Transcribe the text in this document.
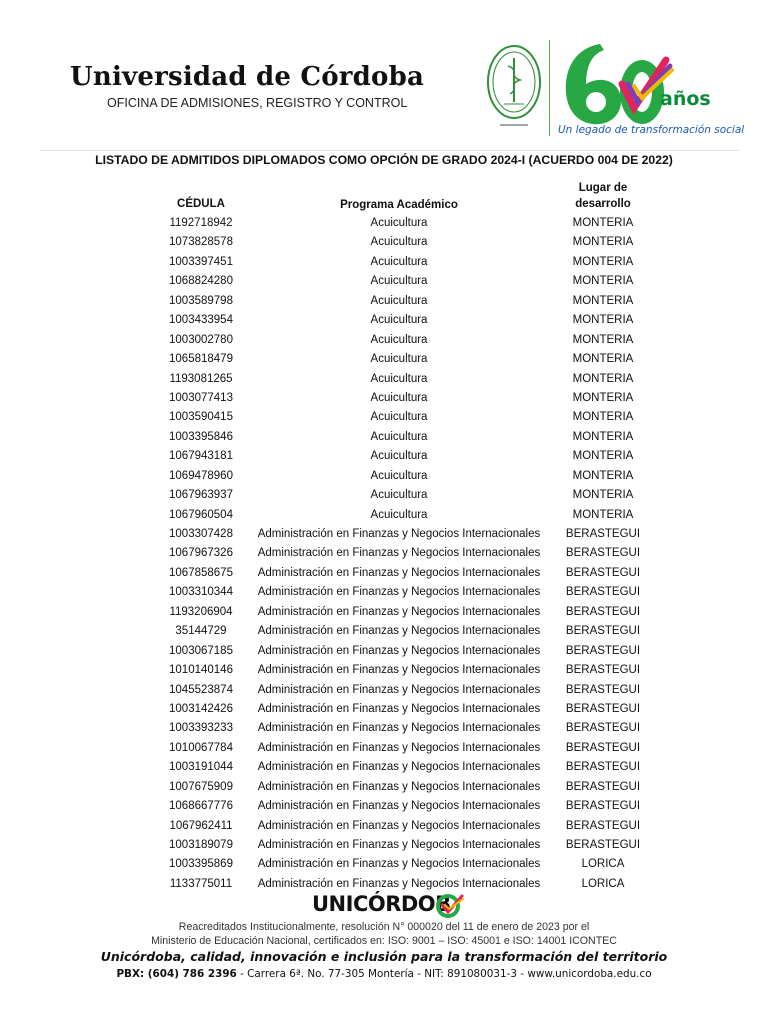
Universidad de Córdoba
OFICINA DE ADMISIONES, REGISTRO Y CONTROL	años
Un legado de transformación social
LISTADO DE ADMITIDOS DIPLOMADOS COMO OPCIÓN DE GRADO 2024-I (ACUERDO 004 DE 2022)
CÉDULA	Programa Académico
Lugar de
desarrollo
1192718942	Acuicultura	MONTERIA
1073828578	Acuicultura	MONTERIA
1003397451	Acuicultura	MONTERIA
1068824280	Acuicultura	MONTERIA
1003589798	Acuicultura	MONTERIA
1003433954	Acuicultura	MONTERIA
1003002780	Acuicultura	MONTERIA
1065818479	Acuicultura	MONTERIA
1193081265	Acuicultura	MONTERIA
1003077413	Acuicultura	MONTERIA
1003590415	Acuicultura	MONTERIA
1003395846	Acuicultura	MONTERIA
1067943181	Acuicultura	MONTERIA
1069478960	Acuicultura	MONTERIA
1067963937	Acuicultura	MONTERIA
1067960504	Acuicultura	MONTERIA
1003307428	Administración en Finanzas y Negocios Internacionales	BERASTEGUI
1067967326	Administración en Finanzas y Negocios Internacionales	BERASTEGUI
1067858675	Administración en Finanzas y Negocios Internacionales	BERASTEGUI
1003310344	Administración en Finanzas y Negocios Internacionales	BERASTEGUI
1193206904	Administración en Finanzas y Negocios Internacionales	BERASTEGUI
35144729	Administración en Finanzas y Negocios Internacionales	BERASTEGUI
1003067185	Administración en Finanzas y Negocios Internacionales	BERASTEGUI
1010140146	Administración en Finanzas y Negocios Internacionales	BERASTEGUI
1045523874	Administración en Finanzas y Negocios Internacionales	BERASTEGUI
1003142426	Administración en Finanzas y Negocios Internacionales	BERASTEGUI
1003393233	Administración en Finanzas y Negocios Internacionales	BERASTEGUI
1010067784	Administración en Finanzas y Negocios Internacionales	BERASTEGUI
1003191044	Administración en Finanzas y Negocios Internacionales	BERASTEGUI
1007675909	Administración en Finanzas y Negocios Internacionales	BERASTEGUI
1068667776	Administración en Finanzas y Negocios Internacionales	BERASTEGUI
1067962411	Administración en Finanzas y Negocios Internacionales	BERASTEGUI
1003189079	Administración en Finanzas y Negocios Internacionales	BERASTEGUI
1003395869	Administración en Finanzas y Negocios Internacionales	LORICA
1133775011	Administración en Finanzas y Negocios Internacionales	LORICA
UNICÓRDOB
Reacreditados Institucionalmente, resolución N° 000020 del 11 de enero de 2023 por el
Ministerio de Educación Nacional, certificados en: ISO: 9001 – ISO: 45001 e ISO: 14001 ICONTEC
Unicórdoba, calidad, innovación e inclusión para la transformación del territorio
PBX: (604) 786 2396 - Carrera 6ª. No. 77-305 Montería - NIT: 891080031-3 - www.unicordoba.edu.co
